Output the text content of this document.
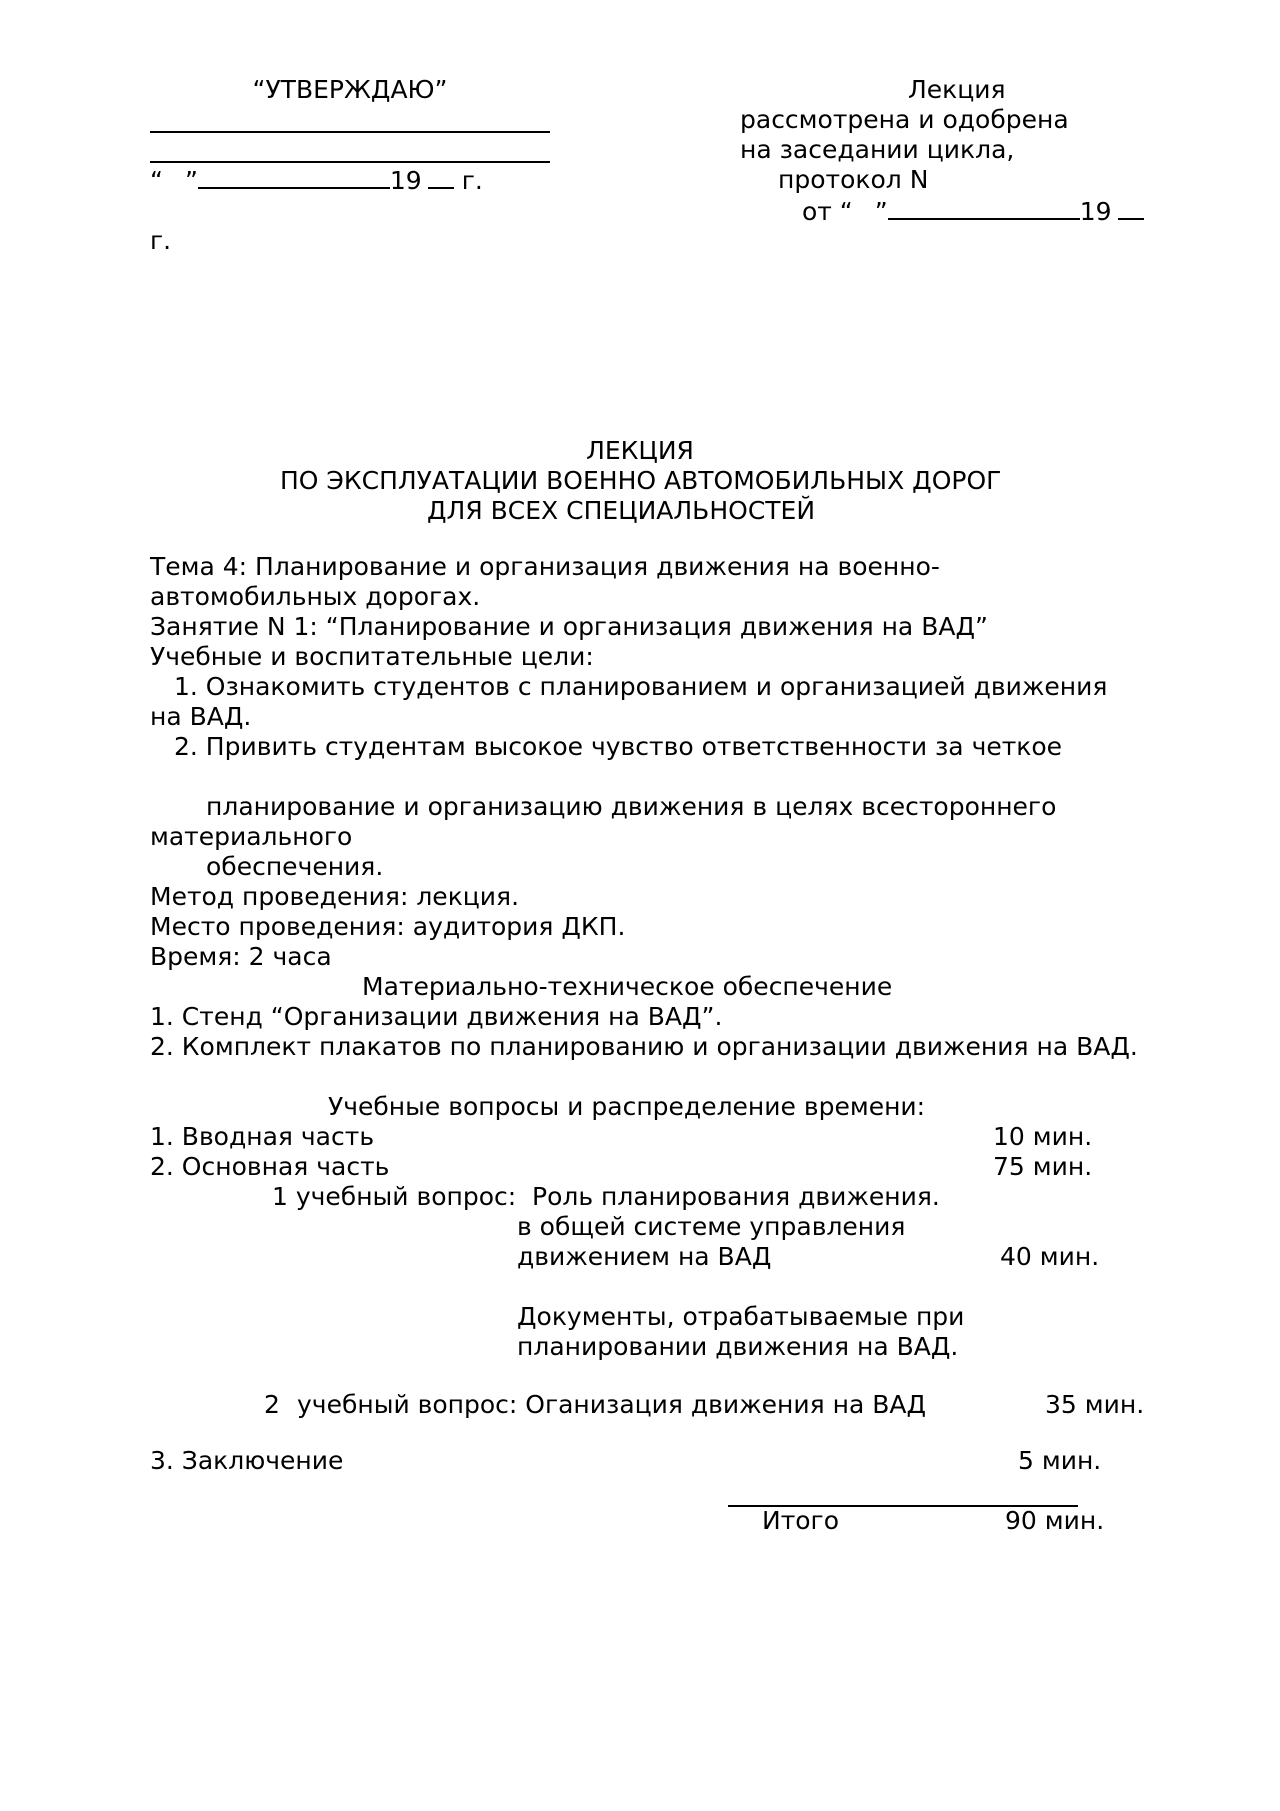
“УТВЕРЖДАЮ”
“ ”	19 г.
Лекция
рассмотрена и одобрена
на заседании цикла,
протокол N
от “ ”	19
г.
ЛЕКЦИЯ
ПО ЭКСПЛУАТАЦИИ ВОЕННО АВТОМОБИЛЬНЫХ ДОРОГ
ДЛЯ ВСЕХ СПЕЦИАЛЬНОСТЕЙ
Тема 4: Планирование и организация движения на военно-
автомобильных дорогах.
Занятие N 1: “Планирование и организация движения на ВАД”
Учебные и воспитательные цели:
1. Ознакомить студентов с планированием и организацией движения
на ВАД.
2. Привить студентам высокое чувство ответственности за четкое
планирование и организацию движения в целях всестороннего
материального
обеспечения.
Метод проведения: лекция.
Место проведения: аудитория ДКП.
Время: 2 часа
Материально-техническое обеспечение
1. Стенд “Организации движения на ВАД”.
2. Комплект плакатов по планированию и организации движения на ВАД.
Учебные вопросы и распределение времени:
1. Вводная часть	10 мин.
2. Основная часть	75 мин.
1 учебный вопрос: Роль планирования движения.
в общей системе управления
движением на ВАД	40 мин.
Документы, отрабатываемые при
планировании движения на ВАД.
2 учебный вопрос: Оганизация движения на ВАД	35 мин.
3. Заключение	5 мин.
Итого	90 мин.
